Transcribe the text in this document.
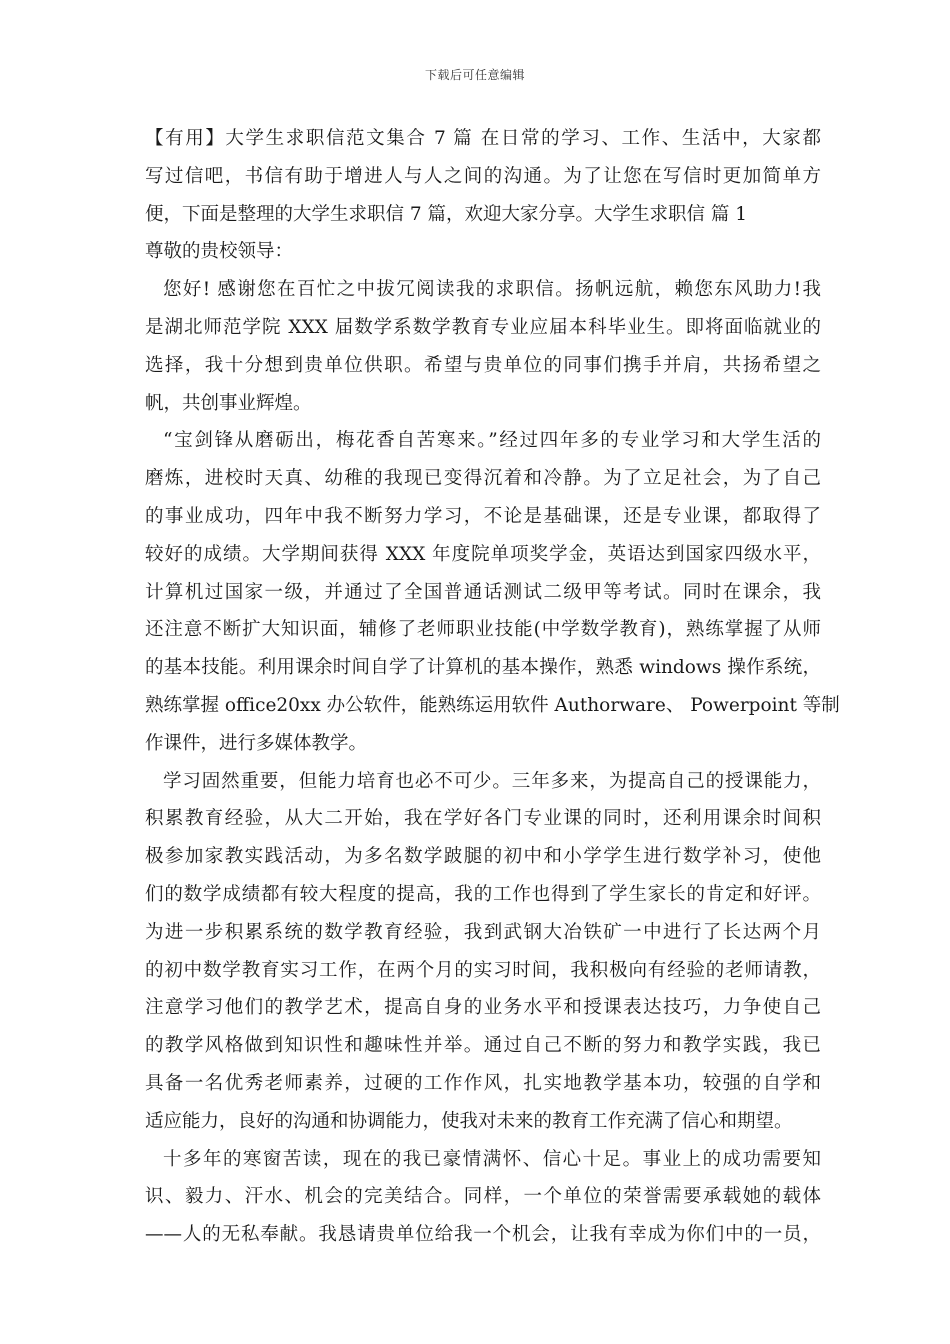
下载后可任意编辑
【有用】大学生求职信范文集合 7 篇 在日常的学习、工作、生活中，大家都
写过信吧，书信有助于增进人与人之间的沟通。为了让您在写信时更加简单方
便，下面是整理的大学生求职信 7 篇，欢迎大家分享。大学生求职信 篇 1
尊敬的贵校领导：
您好! 感谢您在百忙之中拔冗阅读我的求职信。扬帆远航，赖您东风助力!我
是湖北师范学院 XXX 届数学系数学教育专业应届本科毕业生。即将面临就业的
选择，我十分想到贵单位供职。希望与贵单位的同事们携手并肩，共扬希望之
帆，共创事业辉煌。
“宝剑锋从磨砺出，梅花香自苦寒来。”经过四年多的专业学习和大学生活的
磨炼，进校时天真、幼稚的我现已变得沉着和冷静。为了立足社会，为了自己
的事业成功，四年中我不断努力学习，不论是基础课，还是专业课，都取得了
较好的成绩。大学期间获得 XXX 年度院单项奖学金，英语达到国家四级水平，
计算机过国家一级，并通过了全国普通话测试二级甲等考试。同时在课余，我
还注意不断扩大知识面，辅修了老师职业技能(中学数学教育)，熟练掌握了从师
的基本技能。利用课余时间自学了计算机的基本操作，熟悉 windows 操作系统，
熟练掌握 office20xx 办公软件，能熟练运用软件 Authorware、 Powerpoint 等制
作课件，进行多媒体教学。
学习固然重要，但能力培育也必不可少。三年多来，为提高自己的授课能力，
积累教育经验，从大二开始，我在学好各门专业课的同时，还利用课余时间积
极参加家教实践活动，为多名数学跛腿的初中和小学学生进行数学补习，使他
们的数学成绩都有较大程度的提高，我的工作也得到了学生家长的肯定和好评。
为进一步积累系统的数学教育经验，我到武钢大冶铁矿一中进行了长达两个月
的初中数学教育实习工作，在两个月的实习时间，我积极向有经验的老师请教，
注意学习他们的教学艺术，提高自身的业务水平和授课表达技巧，力争使自己
的教学风格做到知识性和趣味性并举。通过自己不断的努力和教学实践，我已
具备一名优秀老师素养，过硬的工作作风，扎实地教学基本功，较强的自学和
适应能力，良好的沟通和协调能力，使我对未来的教育工作充满了信心和期望。
十多年的寒窗苦读，现在的我已豪情满怀、信心十足。事业上的成功需要知
识、毅力、汗水、机会的完美结合。同样，一个单位的荣誉需要承载她的载体
——人的无私奉献。我恳请贵单位给我一个机会，让我有幸成为你们中的一员，
